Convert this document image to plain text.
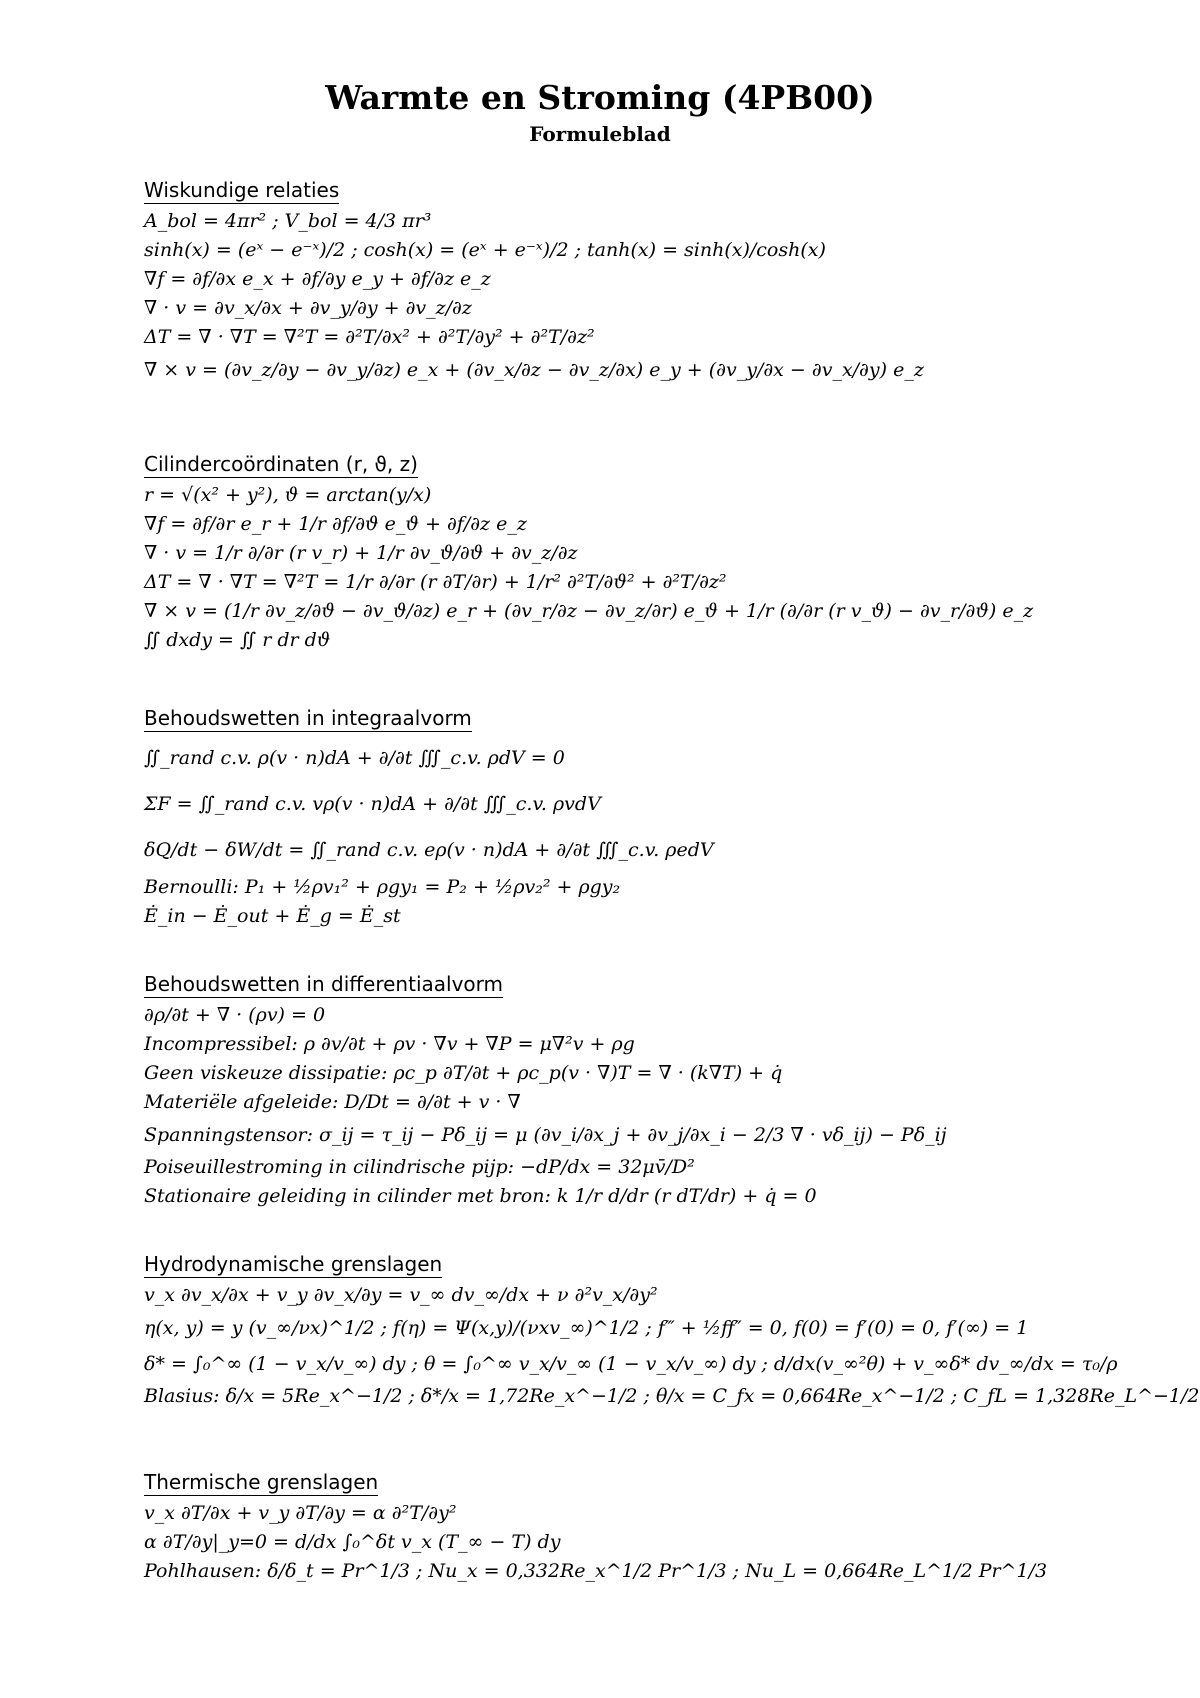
Warmte en Stroming (4PB00)
Formuleblad
Wiskundige relaties
A_bol = 4πr² ; V_bol = 4/3 πr³
sinh(x) = (eˣ − e⁻ˣ)/2 ; cosh(x) = (eˣ + e⁻ˣ)/2 ; tanh(x) = sinh(x)/cosh(x)
∇f = ∂f/∂x e_x + ∂f/∂y e_y + ∂f/∂z e_z
∇ · v = ∂v_x/∂x + ∂v_y/∂y + ∂v_z/∂z
ΔT = ∇ · ∇T = ∇²T = ∂²T/∂x² + ∂²T/∂y² + ∂²T/∂z²
∇ × v = (∂v_z/∂y − ∂v_y/∂z) e_x + (∂v_x/∂z − ∂v_z/∂x) e_y + (∂v_y/∂x − ∂v_x/∂y) e_z
Cilindercoördinaten (r, ϑ, z)
r = √(x² + y²), ϑ = arctan(y/x)
∇f = ∂f/∂r e_r + 1/r ∂f/∂ϑ e_ϑ + ∂f/∂z e_z
∇ · v = 1/r ∂/∂r (r v_r) + 1/r ∂v_ϑ/∂ϑ + ∂v_z/∂z
ΔT = ∇ · ∇T = ∇²T = 1/r ∂/∂r (r ∂T/∂r) + 1/r² ∂²T/∂ϑ² + ∂²T/∂z²
∇ × v = (1/r ∂v_z/∂ϑ − ∂v_ϑ/∂z) e_r + (∂v_r/∂z − ∂v_z/∂r) e_ϑ + 1/r (∂/∂r (r v_ϑ) − ∂v_r/∂ϑ) e_z
∬ dxdy = ∬ r dr dϑ
Behoudswetten in integraalvorm
∬_rand c.v. ρ(v · n)dA + ∂/∂t ∭_c.v. ρdV = 0
ΣF = ∬_rand c.v. vρ(v · n)dA + ∂/∂t ∭_c.v. ρvdV
δQ/dt − δW/dt = ∬_rand c.v. eρ(v · n)dA + ∂/∂t ∭_c.v. ρedV
Bernoulli: P₁ + ½ρv₁² + ρgy₁ = P₂ + ½ρv₂² + ρgy₂
Ė_in − Ė_out + Ė_g = Ė_st
Behoudswetten in differentiaalvorm
∂ρ/∂t + ∇ · (ρv) = 0
Incompressibel: ρ ∂v/∂t + ρv · ∇v + ∇P = μ∇²v + ρg
Geen viskeuze dissipatie: ρc_p ∂T/∂t + ρc_p(v · ∇)T = ∇ · (k∇T) + q̇
Materiële afgeleide: D/Dt = ∂/∂t + v · ∇
Spanningstensor: σ_ij = τ_ij − Pδ_ij = μ (∂v_i/∂x_j + ∂v_j/∂x_i − 2/3 ∇ · vδ_ij) − Pδ_ij
Poiseuillestroming in cilindrische pijp: −dP/dx = 32μv̄/D²
Stationaire geleiding in cilinder met bron: k 1/r d/dr (r dT/dr) + q̇ = 0
Hydrodynamische grenslagen
v_x ∂v_x/∂x + v_y ∂v_x/∂y = v_∞ dv_∞/dx + ν ∂²v_x/∂y²
η(x, y) = y (v_∞/νx)^1/2 ; f(η) = Ψ(x,y)/(νxv_∞)^1/2 ; f‴ + ½ff″ = 0, f(0) = f′(0) = 0, f′(∞) = 1
δ* = ∫₀^∞ (1 − v_x/v_∞) dy ; θ = ∫₀^∞ v_x/v_∞ (1 − v_x/v_∞) dy ; d/dx(v_∞²θ) + v_∞δ* dv_∞/dx = τ₀/ρ
Blasius: δ/x = 5Re_x^−1/2 ; δ*/x = 1,72Re_x^−1/2 ; θ/x = C_fx = 0,664Re_x^−1/2 ; C_fL = 1,328Re_L^−1/2
Thermische grenslagen
v_x ∂T/∂x + v_y ∂T/∂y = α ∂²T/∂y²
α ∂T/∂y|_y=0 = d/dx ∫₀^δt v_x (T_∞ − T) dy
Pohlhausen: δ/δ_t = Pr^1/3 ; Nu_x = 0,332Re_x^1/2 Pr^1/3 ; Nu_L = 0,664Re_L^1/2 Pr^1/3
